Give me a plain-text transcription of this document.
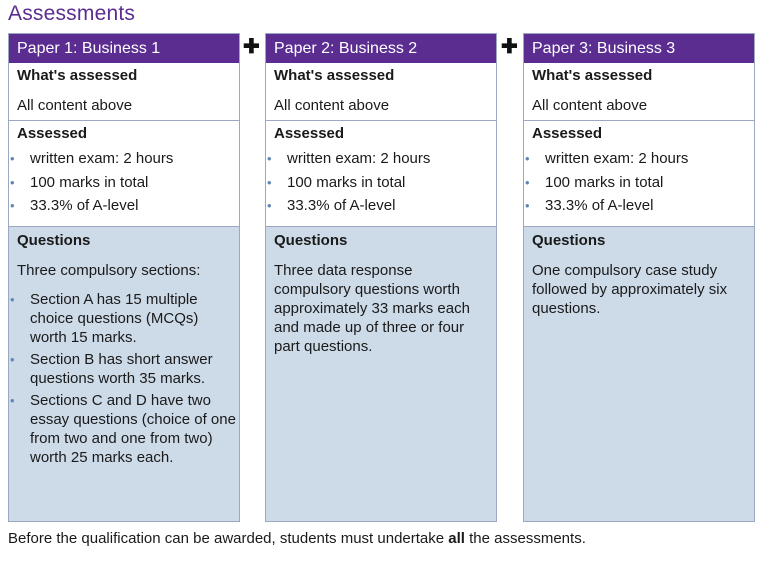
Assessments
Paper 1: Business 1
What's assessed
All content above
Assessed
• written exam: 2 hours
• 100 marks in total
• 33.3% of A-level
Questions
Three compulsory sections:
• Section A has 15 multiple choice questions (MCQs) worth 15 marks.
• Section B has short answer questions worth 35 marks.
• Sections C and D have two essay questions (choice of one from two and one from two) worth 25 marks each.
✚ Paper 2: Business 2
What's assessed
All content above
Assessed
• written exam: 2 hours
• 100 marks in total
• 33.3% of A-level
Questions
Three data response compulsory questions worth approximately 33 marks each and made up of three or four part questions.
✚ Paper 3: Business 3
What's assessed
All content above
Assessed
• written exam: 2 hours
• 100 marks in total
• 33.3% of A-level
Questions
One compulsory case study followed by approximately six questions.
Before the qualification can be awarded, students must undertake all the assessments.
